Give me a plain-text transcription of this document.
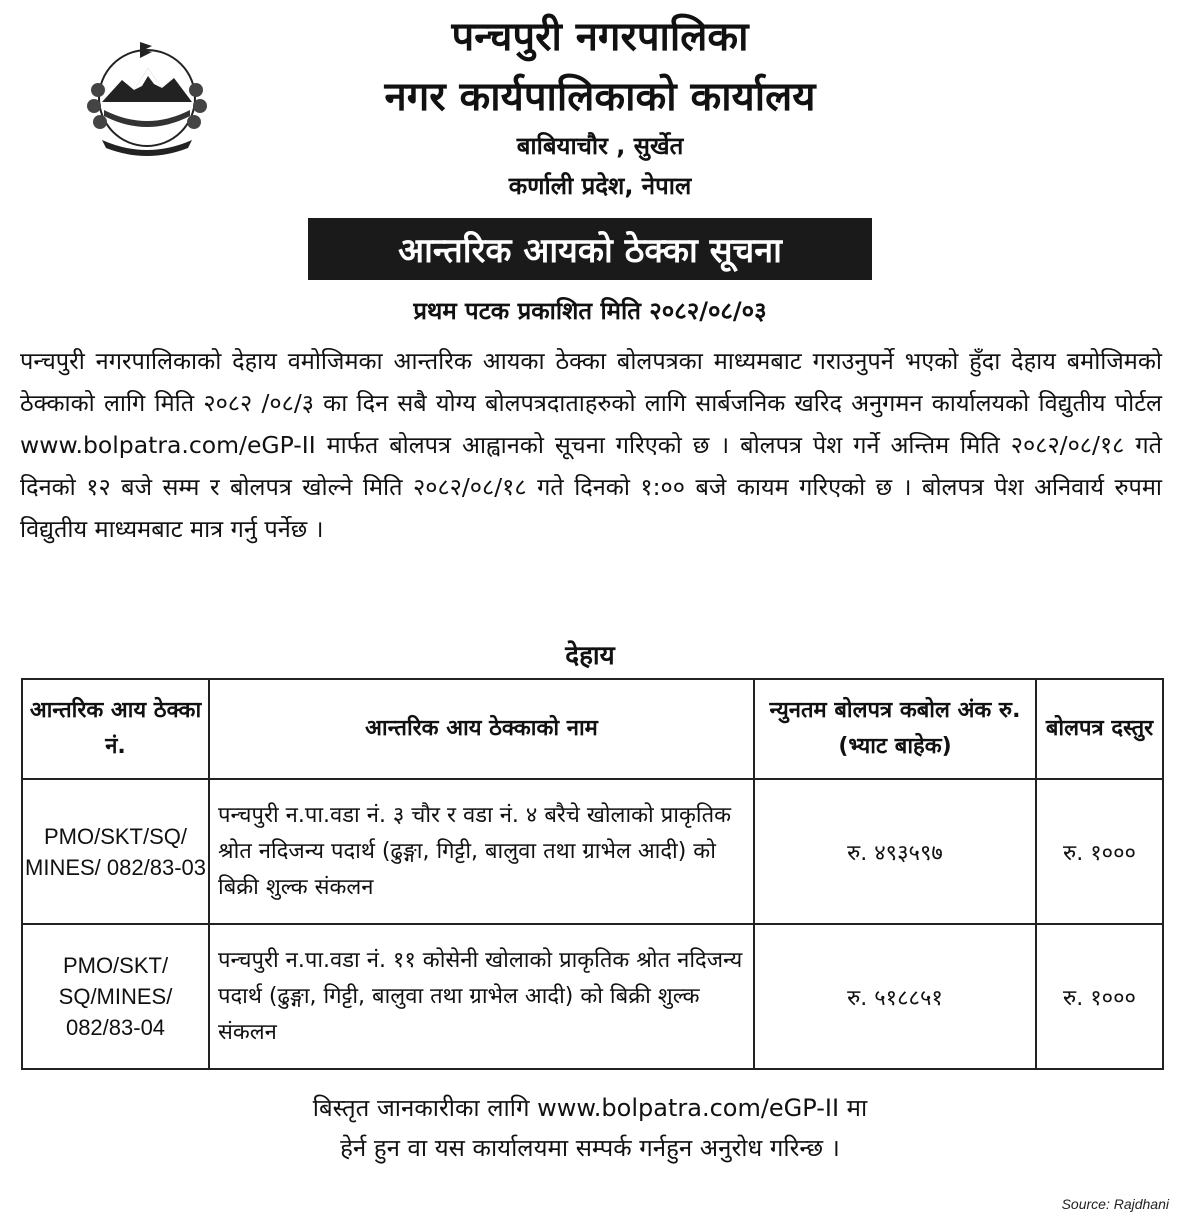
पन्चपुरी नगरपालिका
नगर कार्यपालिकाको कार्यालय
बाबियाचौर , सुर्खेत
कर्णाली प्रदेश, नेपाल
आन्तरिक आयको ठेक्का सूचना
प्रथम पटक प्रकाशित मिति २०८२/०८/०३
पन्चपुरी नगरपालिकाको देहाय वमोजिमका आन्तरिक आयका ठेक्का बोलपत्रका माध्यमबाट गराउनुपर्ने भएको हुँदा देहाय बमोजिमको ठेक्काको लागि मिति २०८२ /०८/३ का दिन सबै योग्य बोलपत्रदाताहरुको लागि सार्बजनिक खरिद अनुगमन कार्यालयको विद्युतीय पोर्टल www.bolpatra.com/eGP-II मार्फत बोलपत्र आह्वानको सूचना गरिएको छ । बोलपत्र पेश गर्ने अन्तिम मिति २०८२/०८/१८ गते दिनको १२ बजे सम्म र बोलपत्र खोल्ने मिति २०८२/०८/१८ गते दिनको १:०० बजे कायम गरिएको छ । बोलपत्र पेश अनिवार्य रुपमा विद्युतीय माध्यमबाट मात्र गर्नु पर्नेछ ।
देहाय
आन्तरिक आय ठेक्का नं.	आन्तरिक आय ठेक्काको नाम	न्युनतम बोलपत्र कबोल अंक रु. (भ्याट बाहेक)	बोलपत्र दस्तुर
PMO/SKT/SQ/ MINES/ 082/83-03	पन्चपुरी न.पा.वडा नं. ३ चौर र वडा नं. ४ बरैचे खोलाको प्राकृतिक श्रोत नदिजन्य पदार्थ (ढुङ्गा, गिट्टी, बालुवा तथा ग्राभेल आदी) को बिक्री शुल्क संकलन	रु. ४९३५९७	रु. १०००
PMO/SKT/ SQ/MINES/ 082/83-04	पन्चपुरी न.पा.वडा नं. ११ कोसेनी खोलाको प्राकृतिक श्रोत नदिजन्य पदार्थ (ढुङ्गा, गिट्टी, बालुवा तथा ग्राभेल आदी) को बिक्री शुल्क संकलन	रु. ५१८८५१	रु. १०००
बिस्तृत जानकारीका लागि www.bolpatra.com/eGP-II मा
हेर्न हुन वा यस कार्यालयमा सम्पर्क गर्नहुन अनुरोध गरिन्छ ।
Source: Rajdhani
